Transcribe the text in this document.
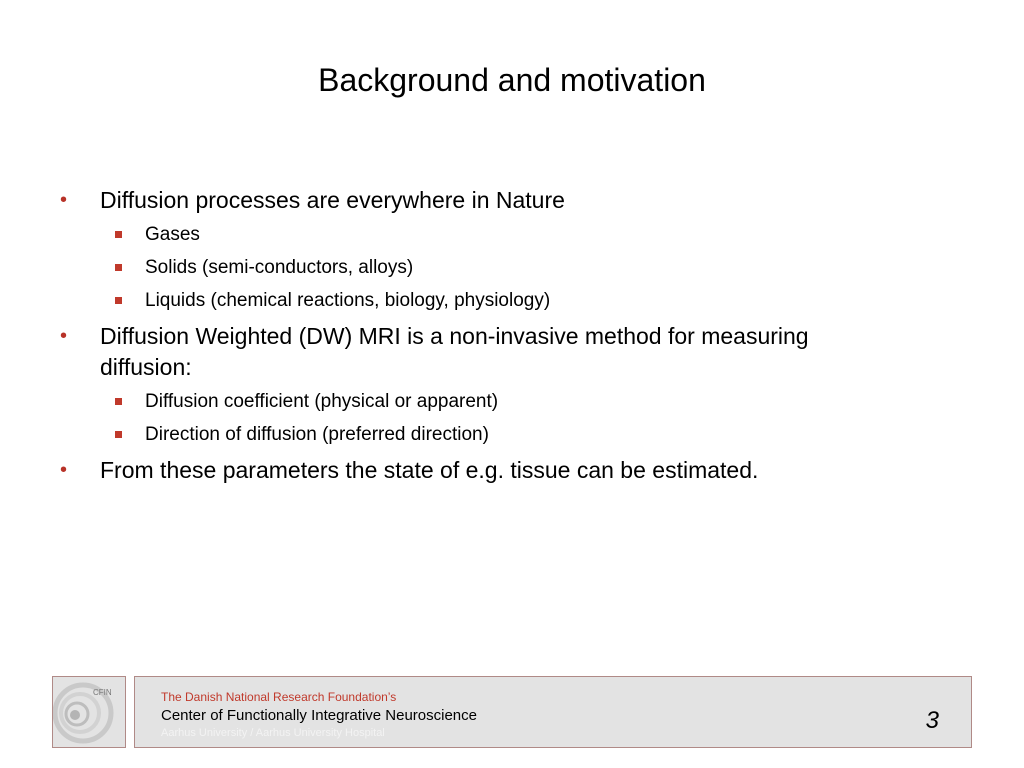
Background and motivation
• Diffusion processes are everywhere in Nature
Gases
Solids (semi-conductors, alloys)
Liquids (chemical reactions, biology, physiology)
• Diffusion Weighted (DW) MRI is a non-invasive method for measuring diffusion:
Diffusion coefficient (physical or apparent)
Direction of diffusion (preferred direction)
• From these parameters the state of e.g. tissue can be estimated.
CFIN	The Danish National Research Foundation’s
Center of Functionally Integrative Neuroscience
Aarhus University / Aarhus University Hospital	3
